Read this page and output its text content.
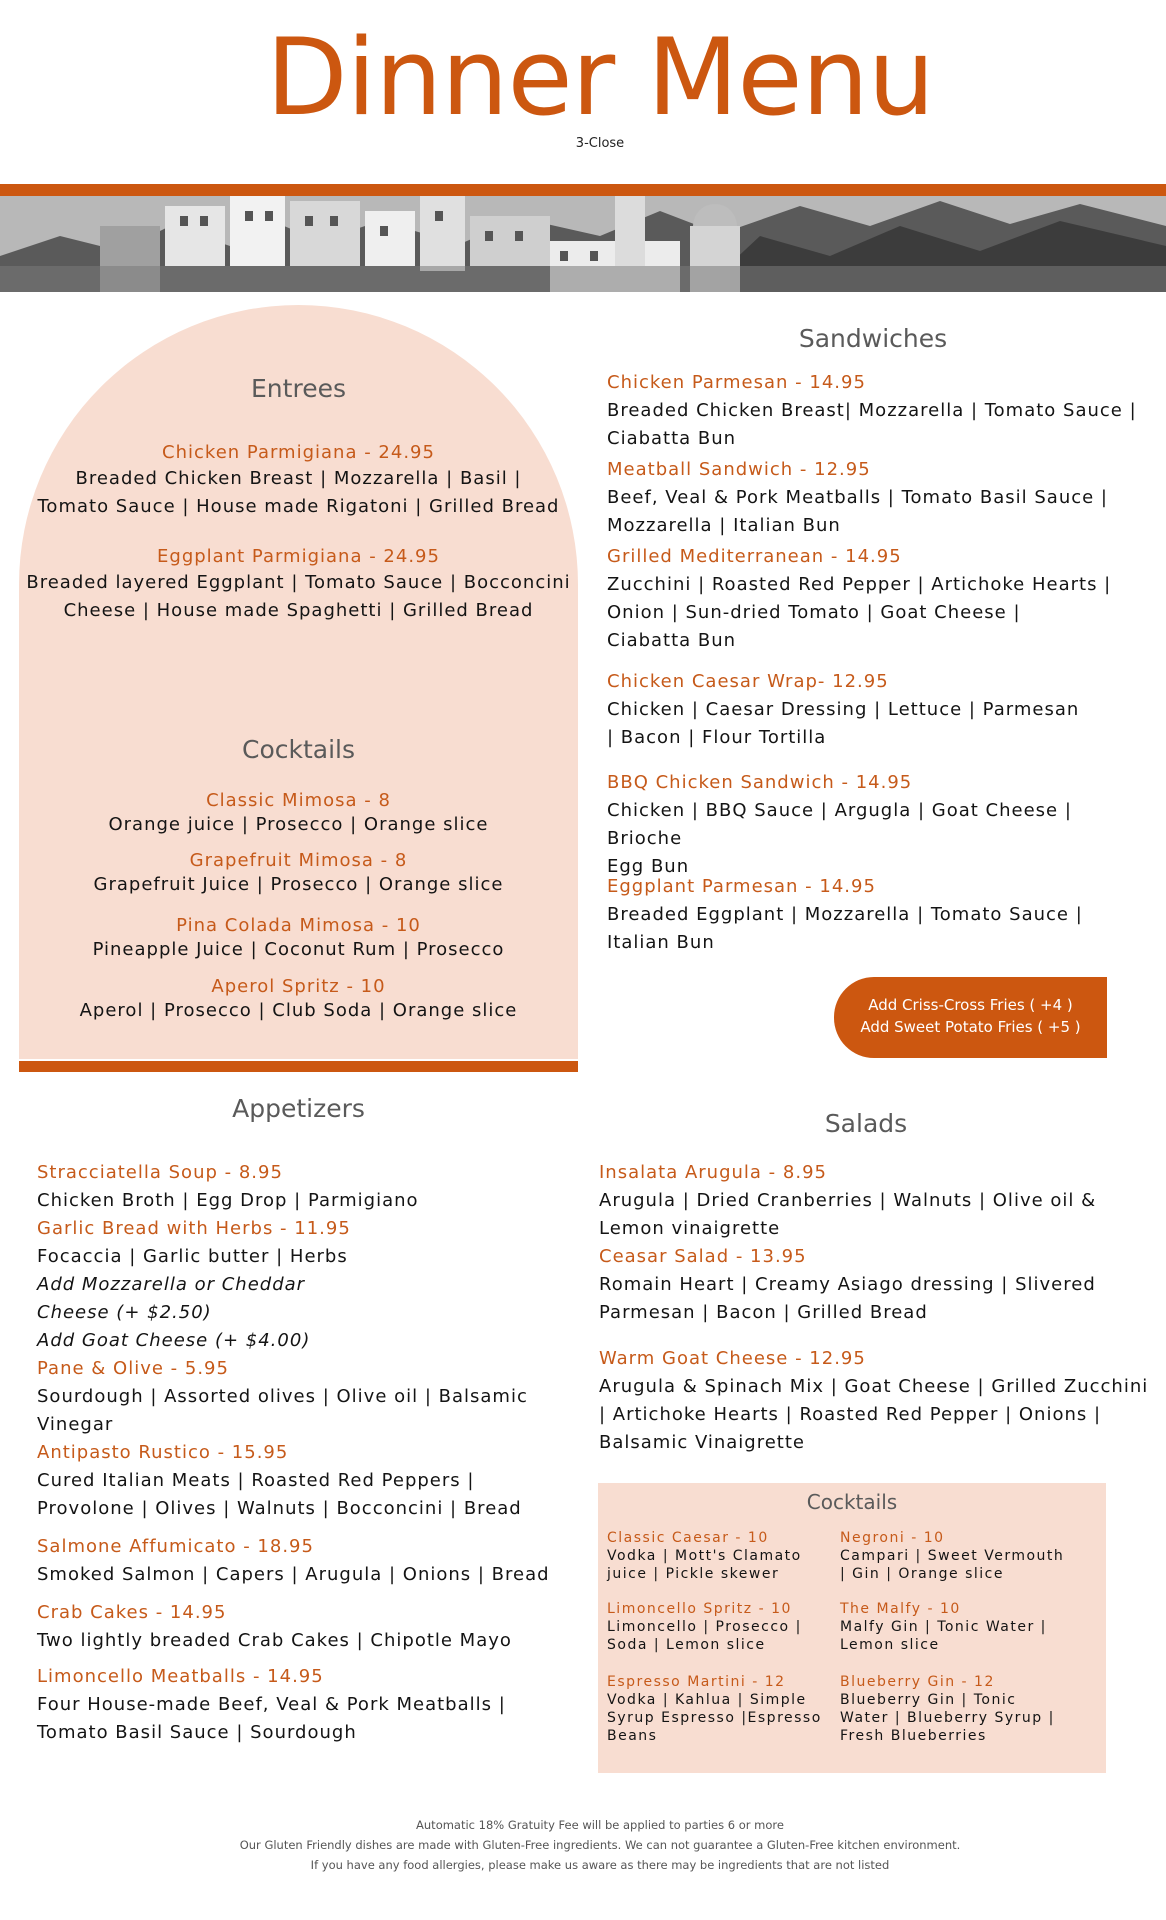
Dinner Menu
3-Close
Entrees
Chicken Parmigiana - 24.95
Breaded Chicken Breast | Mozzarella | Basil |
Tomato Sauce | House made Rigatoni | Grilled Bread
Eggplant Parmigiana - 24.95
Breaded layered Eggplant | Tomato Sauce | Bocconcini
Cheese | House made Spaghetti | Grilled Bread
Cocktails
Classic Mimosa - 8
Orange juice | Prosecco | Orange slice
Grapefruit Mimosa - 8
Grapefruit Juice | Prosecco | Orange slice
Pina Colada Mimosa - 10
Pineapple Juice | Coconut Rum | Prosecco
Aperol Spritz - 10
Aperol | Prosecco | Club Soda | Orange slice
Sandwiches
Chicken Parmesan - 14.95
Breaded Chicken Breast| Mozzarella | Tomato Sauce |
Ciabatta Bun
Meatball Sandwich - 12.95
Beef, Veal & Pork Meatballs | Tomato Basil Sauce |
Mozzarella | Italian Bun
Grilled Mediterranean - 14.95
Zucchini | Roasted Red Pepper | Artichoke Hearts |
Onion | Sun-dried Tomato | Goat Cheese |
Ciabatta Bun
Chicken Caesar Wrap- 12.95
Chicken | Caesar Dressing | Lettuce | Parmesan
| Bacon | Flour Tortilla
BBQ Chicken Sandwich - 14.95
Chicken | BBQ Sauce | Argugla | Goat Cheese | Brioche
Egg Bun
Eggplant Parmesan - 14.95
Breaded Eggplant | Mozzarella | Tomato Sauce |
Italian Bun
Add Criss-Cross Fries ( +4 )
Add Sweet Potato Fries ( +5 )
Appetizers
Stracciatella Soup - 8.95
Chicken Broth | Egg Drop | Parmigiano
Garlic Bread with Herbs - 11.95
Focaccia | Garlic butter | Herbs
Add Mozzarella or Cheddar
Cheese (+ $2.50)
Add Goat Cheese (+ $4.00)
Pane & Olive - 5.95
Sourdough | Assorted olives | Olive oil | Balsamic
Vinegar
Antipasto Rustico - 15.95
Cured Italian Meats | Roasted Red Peppers |
Provolone | Olives | Walnuts | Bocconcini | Bread
Salmone Affumicato - 18.95
Smoked Salmon | Capers | Arugula | Onions | Bread
Crab Cakes - 14.95
Two lightly breaded Crab Cakes | Chipotle Mayo
Limoncello Meatballs - 14.95
Four House-made Beef, Veal & Pork Meatballs |
Tomato Basil Sauce | Sourdough
Salads
Insalata Arugula - 8.95
Arugula | Dried Cranberries | Walnuts | Olive oil &
Lemon vinaigrette
Ceasar Salad - 13.95
Romain Heart | Creamy Asiago dressing | Slivered
Parmesan | Bacon | Grilled Bread
Warm Goat Cheese - 12.95
Arugula & Spinach Mix | Goat Cheese | Grilled Zucchini
| Artichoke Hearts | Roasted Red Pepper | Onions |
Balsamic Vinaigrette
Cocktails
Classic Caesar - 10
Vodka | Mott's Clamato
juice | Pickle skewer
Negroni - 10
Campari | Sweet Vermouth
| Gin | Orange slice
Limoncello Spritz - 10
Limoncello | Prosecco |
Soda | Lemon slice
The Malfy - 10
Malfy Gin | Tonic Water |
Lemon slice
Espresso Martini - 12
Vodka | Kahlua | Simple
Syrup Espresso |Espresso
Beans
Blueberry Gin - 12
Blueberry Gin | Tonic
Water | Blueberry Syrup |
Fresh Blueberries
Automatic 18% Gratuity Fee will be applied to parties 6 or more
Our Gluten Friendly dishes are made with Gluten-Free ingredients. We can not guarantee a Gluten-Free kitchen environment.
If you have any food allergies, please make us aware as there may be ingredients that are not listed
